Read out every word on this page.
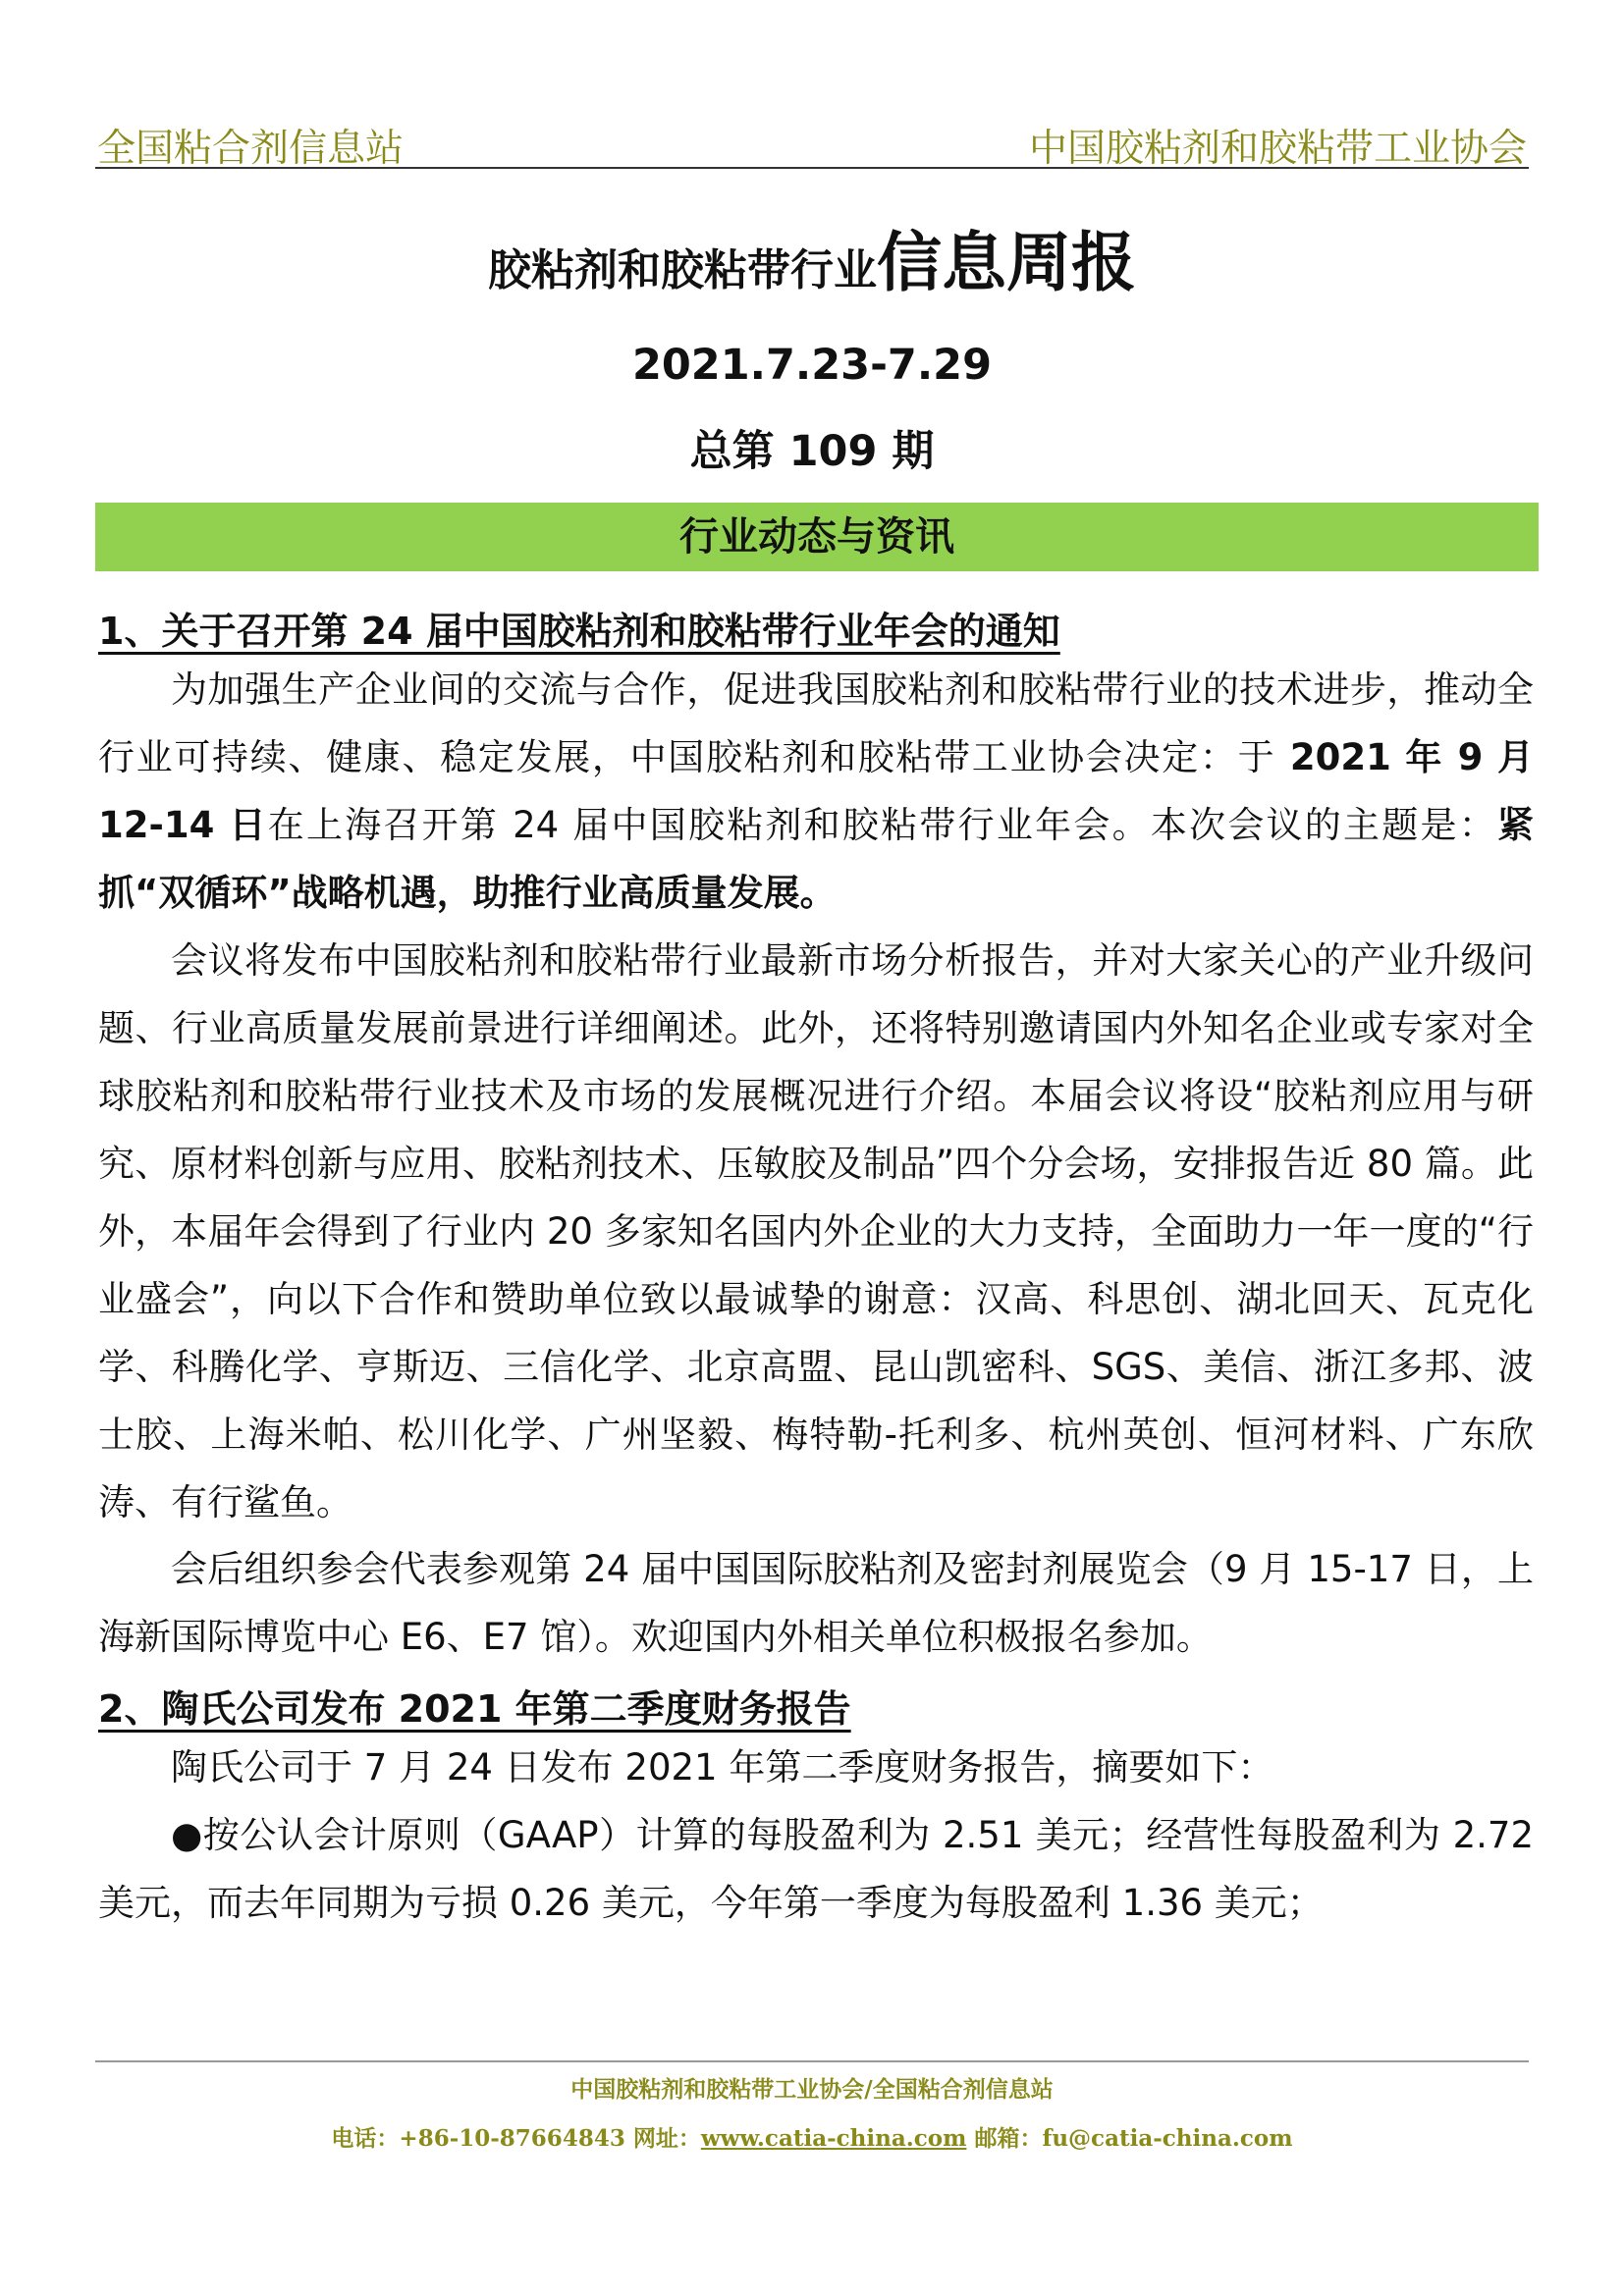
全国粘合剂信息站	中国胶粘剂和胶粘带工业协会
胶粘剂和胶粘带行业信息周报
2021.7.23-7.29
总第 109 期
行业动态与资讯
1、关于召开第 24 届中国胶粘剂和胶粘带行业年会的通知
为加强生产企业间的交流与合作，促进我国胶粘剂和胶粘带行业的技术进步，推动全行业可持续、健康、稳定发展，中国胶粘剂和胶粘带工业协会决定：于 2021 年 9 月 12-14 日在上海召开第 24 届中国胶粘剂和胶粘带行业年会。本次会议的主题是：紧抓“双循环”战略机遇，助推行业高质量发展。
会议将发布中国胶粘剂和胶粘带行业最新市场分析报告，并对大家关心的产业升级问题、行业高质量发展前景进行详细阐述。此外，还将特别邀请国内外知名企业或专家对全球胶粘剂和胶粘带行业技术及市场的发展概况进行介绍。本届会议将设“胶粘剂应用与研究、原材料创新与应用、胶粘剂技术、压敏胶及制品”四个分会场，安排报告近 80 篇。此外，本届年会得到了行业内 20 多家知名国内外企业的大力支持，全面助力一年一度的“行业盛会”，向以下合作和赞助单位致以最诚挚的谢意：汉高、科思创、湖北回天、瓦克化学、科腾化学、亨斯迈、三信化学、北京高盟、昆山凯密科、SGS、美信、浙江多邦、波士胶、上海米帕、松川化学、广州坚毅、梅特勒-托利多、杭州英创、恒河材料、广东欣涛、有行鲨鱼。
会后组织参会代表参观第 24 届中国国际胶粘剂及密封剂展览会（9 月 15-17 日，上海新国际博览中心 E6、E7 馆）。欢迎国内外相关单位积极报名参加。
2、陶氏公司发布 2021 年第二季度财务报告
陶氏公司于 7 月 24 日发布 2021 年第二季度财务报告，摘要如下：
●按公认会计原则（GAAP）计算的每股盈利为 2.51 美元；经营性每股盈利为 2.72 美元，而去年同期为亏损 0.26 美元，今年第一季度为每股盈利 1.36 美元；
中国胶粘剂和胶粘带工业协会/全国粘合剂信息站
电话：+86-10-87664843 网址：www.catia-china.com 邮箱：fu@catia-china.com
